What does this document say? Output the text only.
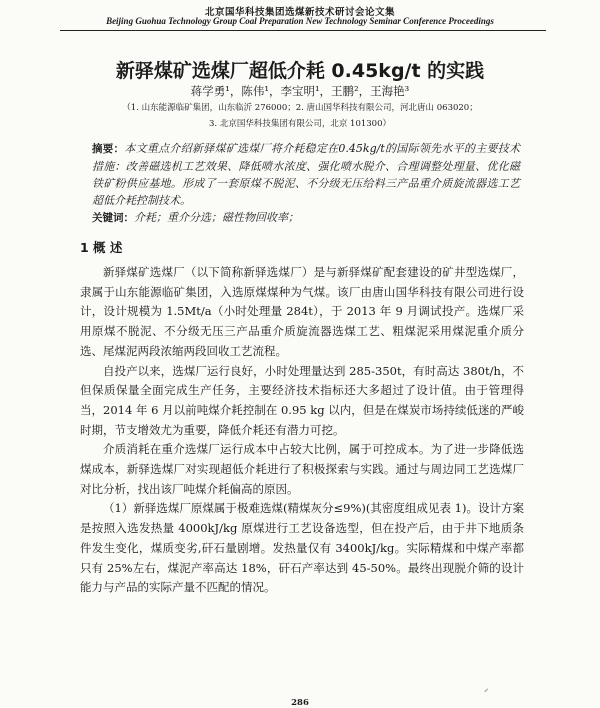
北京国华科技集团选煤新技术研讨会论文集
Beijing Guohua Technology Group Coal Preparation New Technology Seminar Conference Proceedings
新驿煤矿选煤厂超低介耗 0.45kg/t 的实践
蒋学勇¹，陈伟¹，李宝明¹，王鹏²，王海艳³
（1. 山东能源临矿集团，山东临沂 276000；2. 唐山国华科技有限公司，河北唐山 063020；
3. 北京国华科技集团有限公司，北京 101300）
摘要：本文重点介绍新驿煤矿选煤厂将介耗稳定在0.45kg/t的国际领先水平的主要技术措施：改善磁选机工艺效果、降低喷水浓度、强化喷水脱介、合理调整处理量、优化磁铁矿粉供应基地。形成了一套原煤不脱泥、不分级无压给料三产品重介质旋流器选工艺超低介耗控制技术。
关键词：介耗；重介分选；磁性物回收率；
1 概 述

新驿煤矿选煤厂（以下简称新驿选煤厂）是与新驿煤矿配套建设的矿井型选煤厂，隶属于山东能源临矿集团，入选原煤煤种为气煤。该厂由唐山国华科技有限公司进行设计，设计规模为 1.5Mt/a（小时处理量 284t），于 2013 年 9 月调试投产。选煤厂采用原煤不脱泥、不分级无压三产品重介质旋流器选煤工艺、粗煤泥采用煤泥重介质分选、尾煤泥两段浓缩两段回收工艺流程。

自投产以来，选煤厂运行良好，小时处理量达到 285-350t，有时高达 380t/h，不但保质保量全面完成生产任务，主要经济技术指标还大多超过了设计值。由于管理得当，2014 年 6 月以前吨煤介耗控制在 0.95 kg 以内，但是在煤炭市场持续低迷的严峻时期，节支增效尤为重要，降低介耗还有潜力可挖。

介质消耗在重介选煤厂运行成本中占较大比例，属于可控成本。为了进一步降低选煤成本，新驿选煤厂对实现超低介耗进行了积极探索与实践。通过与周边同工艺选煤厂对比分析，找出该厂吨煤介耗偏高的原因。

（1）新驿选煤厂原煤属于极难选煤(精煤灰分≤9%)(其密度组成见表 1)。设计方案是按照入选发热量 4000kJ/kg 原煤进行工艺设备选型，但在投产后，由于井下地质条件发生变化，煤质变劣,矸石量剧增。发热量仅有 3400kJ/kg。实际精煤和中煤产率都只有 25%左右，煤泥产率高达 18%，矸石产率达到 45-50%。最终出现脱介筛的设计能力与产品的实际产量不匹配的情况。

⸍
286
